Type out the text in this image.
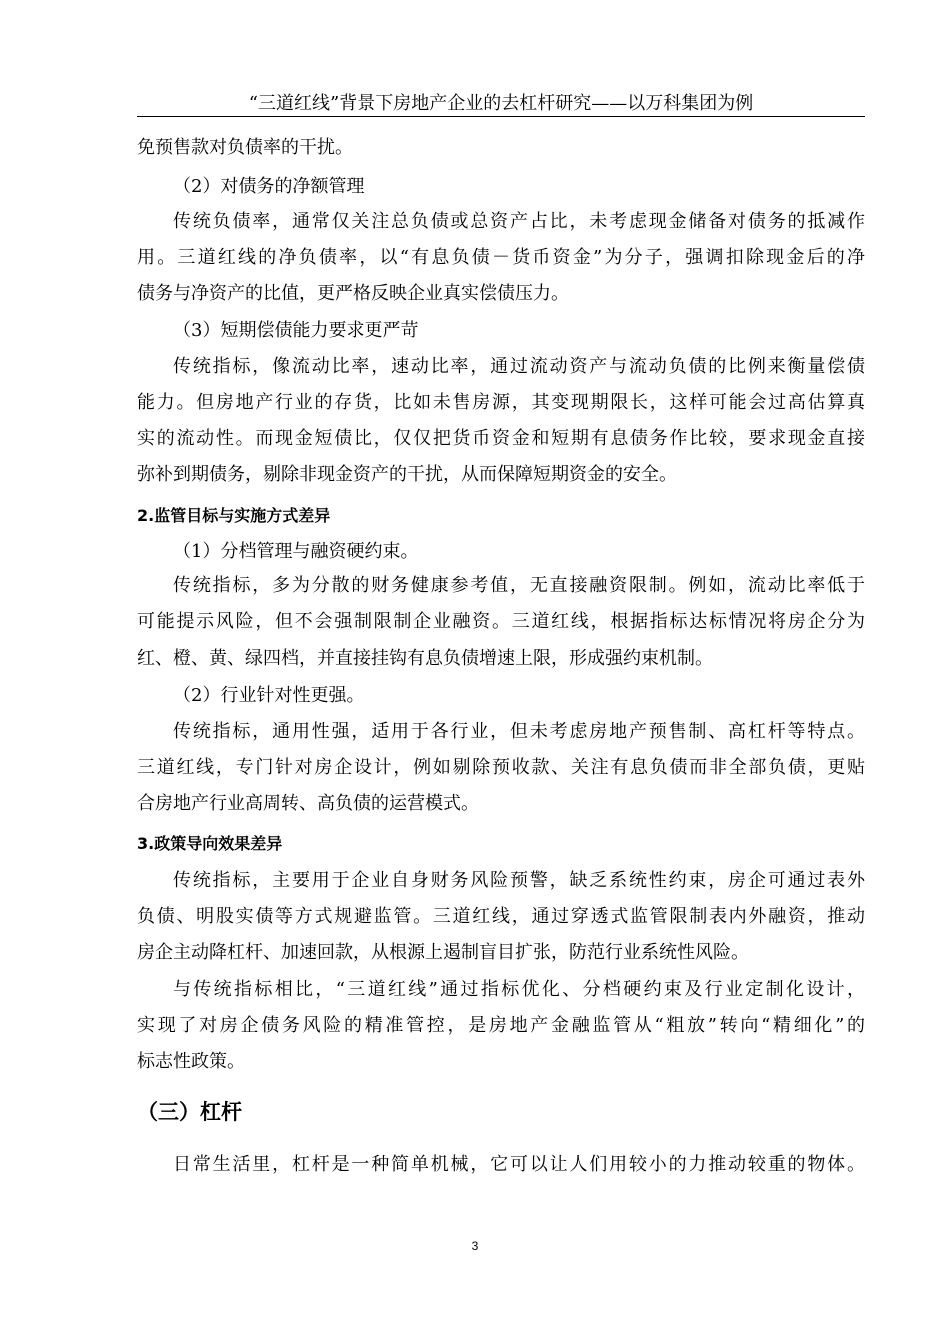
“三道红线”背景下房地产企业的去杠杆研究——以万科集团为例
免预售款对负债率的干扰。
（2）对债务的净额管理
传统负债率，通常仅关注总负债或总资产占比，未考虑现金储备对债务的抵减作
用。三道红线的净负债率，以“有息负债－货币资金”为分子，强调扣除现金后的净
债务与净资产的比值，更严格反映企业真实偿债压力。
（3）短期偿债能力要求更严苛
传统指标，像流动比率，速动比率，通过流动资产与流动负债的比例来衡量偿债
能力。但房地产行业的存货，比如未售房源，其变现期限长，这样可能会过高估算真
实的流动性。而现金短债比，仅仅把货币资金和短期有息债务作比较，要求现金直接
弥补到期债务，剔除非现金资产的干扰，从而保障短期资金的安全。
2.监管目标与实施方式差异
（1）分档管理与融资硬约束。
传统指标，多为分散的财务健康参考值，无直接融资限制。例如，流动比率低于
可能提示风险，但不会强制限制企业融资。三道红线，根据指标达标情况将房企分为
红、橙、黄、绿四档，并直接挂钩有息负债增速上限，形成强约束机制。
（2）行业针对性更强。
传统指标，通用性强，适用于各行业，但未考虑房地产预售制、高杠杆等特点。
三道红线，专门针对房企设计，例如剔除预收款、关注有息负债而非全部负债，更贴
合房地产行业高周转、高负债的运营模式。
3.政策导向效果差异
传统指标，主要用于企业自身财务风险预警，缺乏系统性约束，房企可通过表外
负债、明股实债等方式规避监管。三道红线，通过穿透式监管限制表内外融资，推动
房企主动降杠杆、加速回款，从根源上遏制盲目扩张，防范行业系统性风险。
与传统指标相比，“三道红线”通过指标优化、分档硬约束及行业定制化设计，
实现了对房企债务风险的精准管控，是房地产金融监管从“粗放”转向“精细化”的
标志性政策。
（三）杠杆
日常生活里，杠杆是一种简单机械，它可以让人们用较小的力推动较重的物体。
3
